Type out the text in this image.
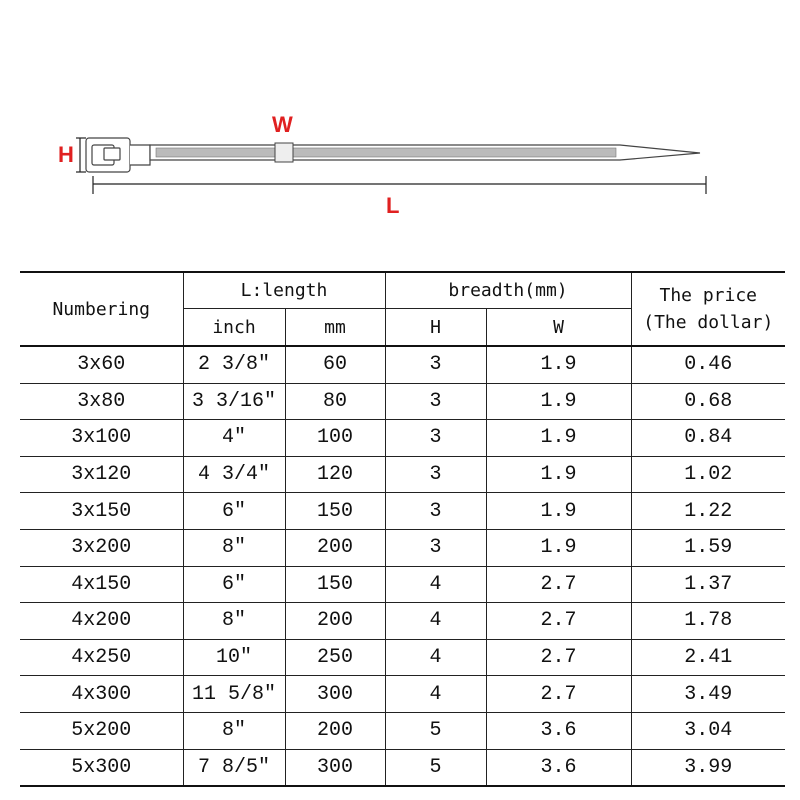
H
W
L
Numbering	L:length		breadth(mm)		The price
(The dollar)
	inch	mm	H	W	
3x60	2 3/8″	60	3	1.9	0.46
3x80	3 3/16″	80	3	1.9	0.68
3x100	4″	100	3	1.9	0.84
3x120	4 3/4″	120	3	1.9	1.02
3x150	6″	150	3	1.9	1.22
3x200	8″	200	3	1.9	1.59
4x150	6″	150	4	2.7	1.37
4x200	8″	200	4	2.7	1.78
4x250	10″	250	4	2.7	2.41
4x300	11 5/8″	300	4	2.7	3.49
5x200	8″	200	5	3.6	3.04
5x300	7 8/5″	300	5	3.6	3.99
